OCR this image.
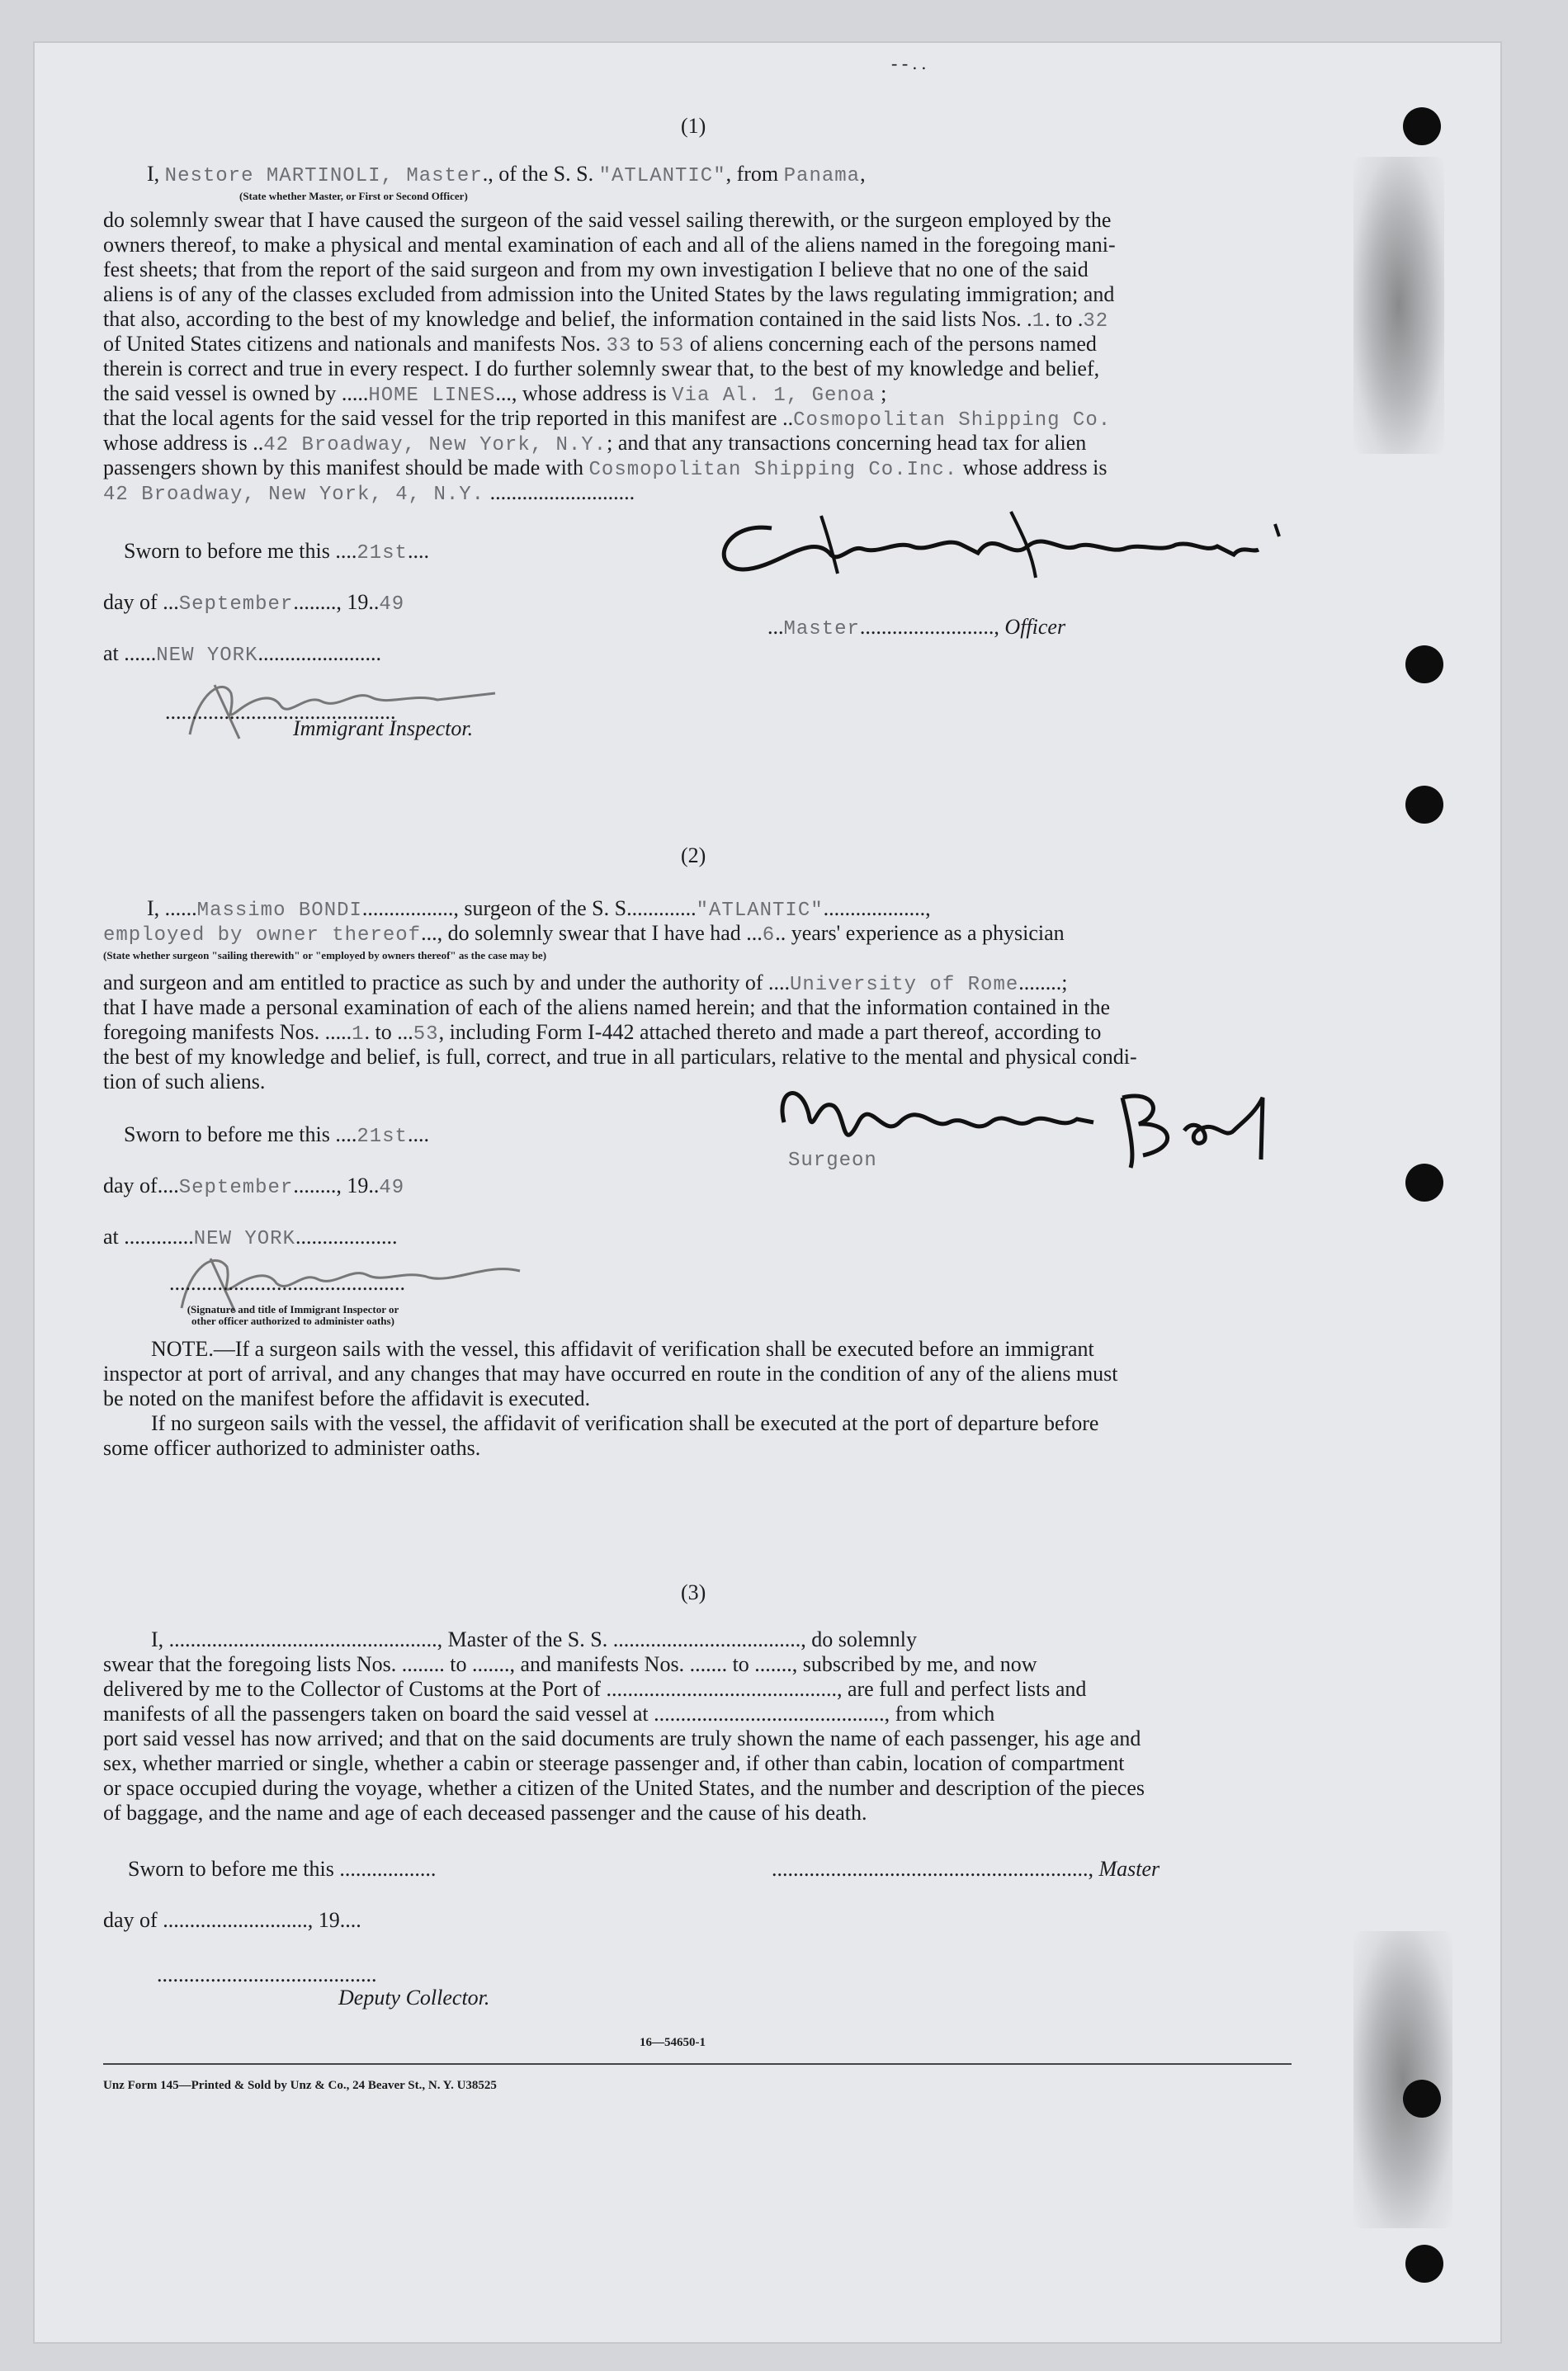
- - . .
(1)
I, Nestore MARTINOLI, Master., of the S. S. "ATLANTIC", from Panama,
(State whether Master, or First or Second Officer)
do solemnly swear that I have caused the surgeon of the said vessel sailing therewith, or the surgeon employed by the
owners thereof, to make a physical and mental examination of each and all of the aliens named in the foregoing mani-
fest sheets; that from the report of the said surgeon and from my own investigation I believe that no one of the said
aliens is of any of the classes excluded from admission into the United States by the laws regulating immigration; and
that also, according to the best of my knowledge and belief, the information contained in the said lists Nos. .1. to .32
of United States citizens and nationals and manifests Nos. 33 to 53 of aliens concerning each of the persons named
therein is correct and true in every respect. I do further solemnly swear that, to the best of my knowledge and belief,
the said vessel is owned by .....HOME LINES..., whose address is Via Al. 1, Genoa ;
that the local agents for the said vessel for the trip reported in this manifest are ..Cosmopolitan Shipping Co.
whose address is ..42 Broadway, New York, N.Y.; and that any transactions concerning head tax for alien
passengers shown by this manifest should be made with Cosmopolitan Shipping Co.Inc. whose address is
42 Broadway, New York, 4, N.Y. ...........................
Sworn to before me this ....21st....
day of ...September........, 19..49
at ......NEW YORK.......................
...Master........................., Officer
...........................................
Immigrant Inspector.
(2)
I, ......Massimo BONDI................., surgeon of the S. S............."ATLANTIC"...................,
employed by owner thereof..., do solemnly swear that I have had ...6.. years' experience as a physician
(State whether surgeon "sailing therewith" or "employed by owners thereof" as the case may be)
and surgeon and am entitled to practice as such by and under the authority of ....University of Rome........;
that I have made a personal examination of each of the aliens named herein; and that the information contained in the
foregoing manifests Nos. .....1. to ...53, including Form I-442 attached thereto and made a part thereof, according to
the best of my knowledge and belief, is full, correct, and true in all particulars, relative to the mental and physical condi-
tion of such aliens.
Sworn to before me this ....21st....
day of....September........, 19..49
at .............NEW YORK...................
Surgeon
............................................
(Signature and title of Immigrant Inspector or
other officer authorized to administer oaths)
NOTE.—If a surgeon sails with the vessel, this affidavit of verification shall be executed before an immigrant
inspector at port of arrival, and any changes that may have occurred en route in the condition of any of the aliens must
be noted on the manifest before the affidavit is executed.
If no surgeon sails with the vessel, the affidavit of verification shall be executed at the port of departure before
some officer authorized to administer oaths.
(3)
I, .................................................., Master of the S. S. ..................................., do solemnly
swear that the foregoing lists Nos. ........ to ......., and manifests Nos. ....... to ......., subscribed by me, and now
delivered by me to the Collector of Customs at the Port of ..........................................., are full and perfect lists and
manifests of all the passengers taken on board the said vessel at ..........................................., from which
port said vessel has now arrived; and that on the said documents are truly shown the name of each passenger, his age and
sex, whether married or single, whether a cabin or steerage passenger and, if other than cabin, location of compartment
or space occupied during the voyage, whether a citizen of the United States, and the number and description of the pieces
of baggage, and the name and age of each deceased passenger and the cause of his death.
Sworn to before me this ..................	..........................................................., Master
day of ..........................., 19....
.........................................
Deputy Collector.
16—54650-1
Unz Form 145—Printed & Sold by Unz & Co., 24 Beaver St., N. Y. U38525
